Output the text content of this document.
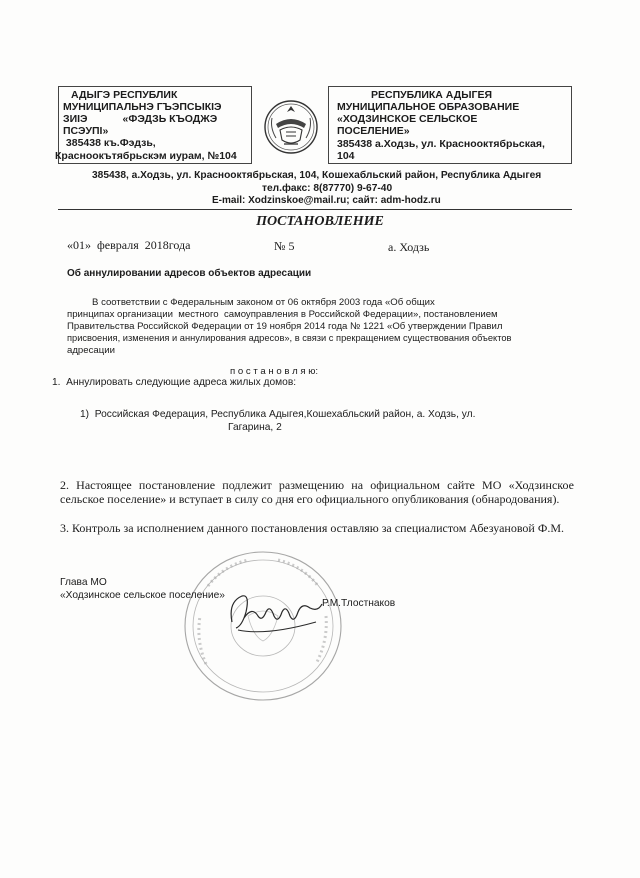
АДЫГЭ РЕСПУБЛИК
МУНИЦИПАЛЬНЭ ГЪЭПСЫКІЭ
ЗИІЭ            «ФЭДЗЬ КЪОДЖЭ
ПСЭУПІ»
385438 къ.Фэдзь,
Красноокътябрьскэм иурам, №104
РЕСПУБЛИКА АДЫГЕЯ
МУНИЦИПАЛЬНОЕ ОБРАЗОВАНИЕ
«ХОДЗИНСКОЕ СЕЛЬСКОЕ
ПОСЕЛЕНИЕ»
385438 а.Ходзь, ул. Краснооктябрьская,
104
385438, а.Ходзь, ул. Краснооктябрьская, 104, Кошехабльский район, Республика Адыгея
тел.факс: 8(87770) 9-67-40
E-mail: Xodzinskoe@mail.ru; сайт: adm-hodz.ru
ПОСТАНОВЛЕНИЕ
«01»  февраля  2018года	№ 5	а. Ходзь
Об аннулировании адресов объектов адресации
В соответствии с Федеральным законом от 06 октября 2003 года «Об общих
принципах организации  местного  самоуправления в Российской Федерации», постановлением
Правительства Российской Федерации от 19 ноября 2014 года № 1221 «Об утверждении Правил
присвоения, изменения и аннулирования адресов», в связи с прекращением существования объектов
адресации
п о с т а н о в л я ю:
1.  Аннулировать следующие адреса жилых домов:
1)  Российская Федерация, Республика Адыгея,Кошехабльский район, а. Ходзь, ул.
Гагарина, 2
2. Настоящее постановление подлежит размещению на официальном сайте МО «Ходзинское сельское поселение» и вступает в силу со дня его официального опубликования (обнародования).
3. Контроль за исполнением данного постановления оставляю за специалистом Абезуановой Ф.М.
Глава МО
«Ходзинское сельское поселение»
Р.М.Тлостнаков
